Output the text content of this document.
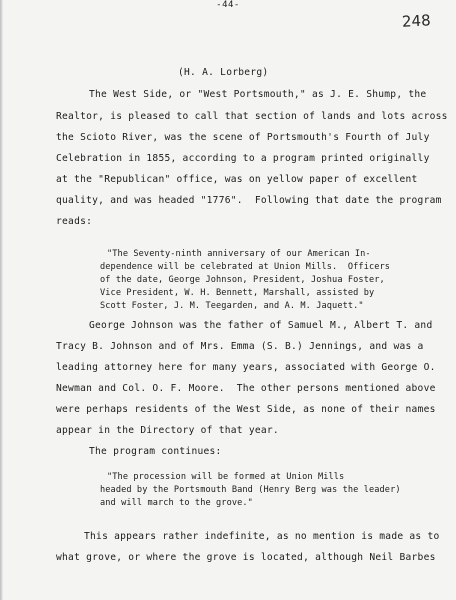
-44-
248
(H. A. Lorberg)
The West Side, or "West Portsmouth," as J. E. Shump, the
Realtor, is pleased to call that section of lands and lots across
the Scioto River, was the scene of Portsmouth's Fourth of July
Celebration in 1855, according to a program printed originally
at the "Republican" office, was on yellow paper of excellent
quality, and was headed "1776".  Following that date the program
reads:
"The Seventy-ninth anniversary of our American In-
dependence will be celebrated at Union Mills.  Officers
of the date, George Johnson, President, Joshua Foster,
Vice President, W. H. Bennett, Marshall, assisted by
Scott Foster, J. M. Teegarden, and A. M. Jaquett."
George Johnson was the father of Samuel M., Albert T. and
Tracy B. Johnson and of Mrs. Emma (S. B.) Jennings, and was a
leading attorney here for many years, associated with George O.
Newman and Col. O. F. Moore.  The other persons mentioned above
were perhaps residents of the West Side, as none of their names
appear in the Directory of that year.
The program continues:
"The procession will be formed at Union Mills
headed by the Portsmouth Band (Henry Berg was the leader)
and will march to the grove."
This appears rather indefinite, as no mention is made as to
what grove, or where the grove is located, although Neil Barbes
